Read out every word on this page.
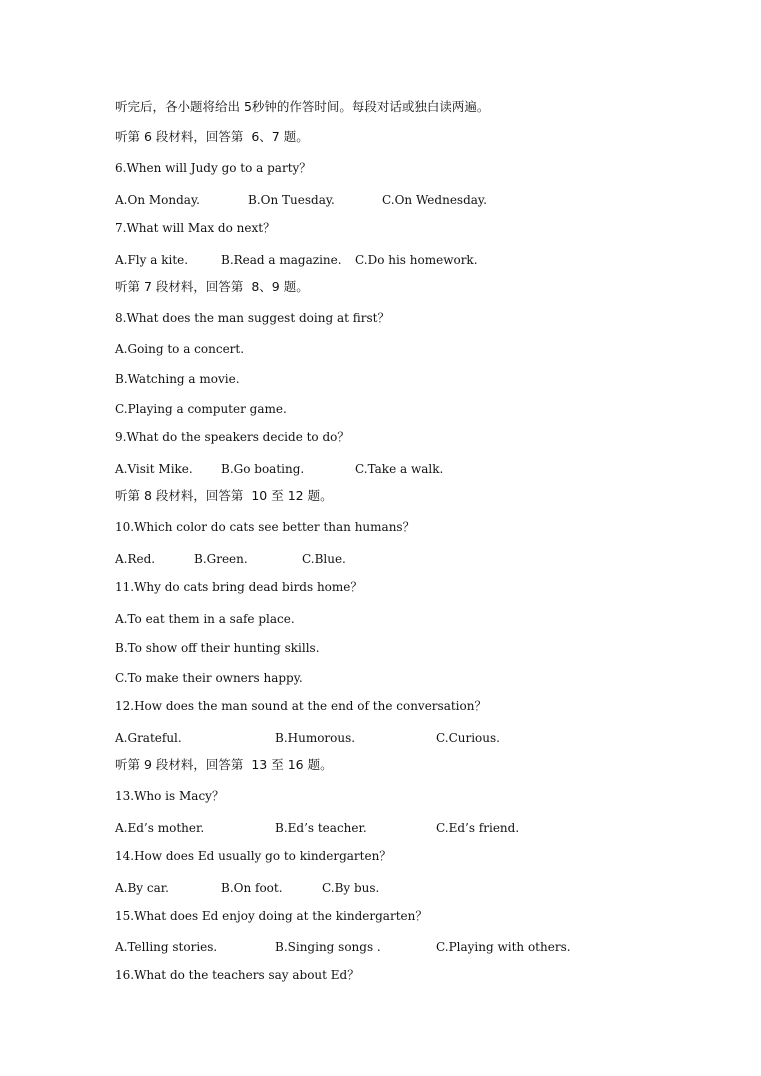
听完后，各小题将给出 5秒钟的作答时间。每段对话或独白读两遍。
听第 6 段材料，回答第  6、7 题。
6.When will Judy go to a party？
A.On Monday.	B.On Tuesday.	C.On Wednesday.
7.What will Max do next？
A.Fly a kite.	B.Read a magazine. C.Do his homework.
听第 7 段材料，回答第  8、9 题。
8.What does the man suggest doing at first？
A.Going to a concert.
B.Watching a movie.
C.Playing a computer game.
9.What do the speakers decide to do？
A.Visit Mike. B.Go boating.	C.Take a walk.
听第 8 段材料，回答第  10 至 12 题。
10.Which color do cats see better than humans？
A.Red.	B.Green.	C.Blue.
11.Why do cats bring dead birds home？
A.To eat them in a safe place.
B.To show off their hunting skills.
C.To make their owners happy.
12.How does the man sound at the end of the conversation？
A.Grateful.	B.Humorous.	C.Curious.
听第 9 段材料，回答第  13 至 16 题。
13.Who is Macy？
A.Ed’s mother.	B.Ed’s teacher.	C.Ed’s friend.
14.How does Ed usually go to kindergarten？
A.By car.	B.On foot.	C.By bus.
15.What does Ed enjoy doing at the kindergarten？
A.Telling stories.	B.Singing songs .	C.Playing with others.
16.What do the teachers say about Ed？
